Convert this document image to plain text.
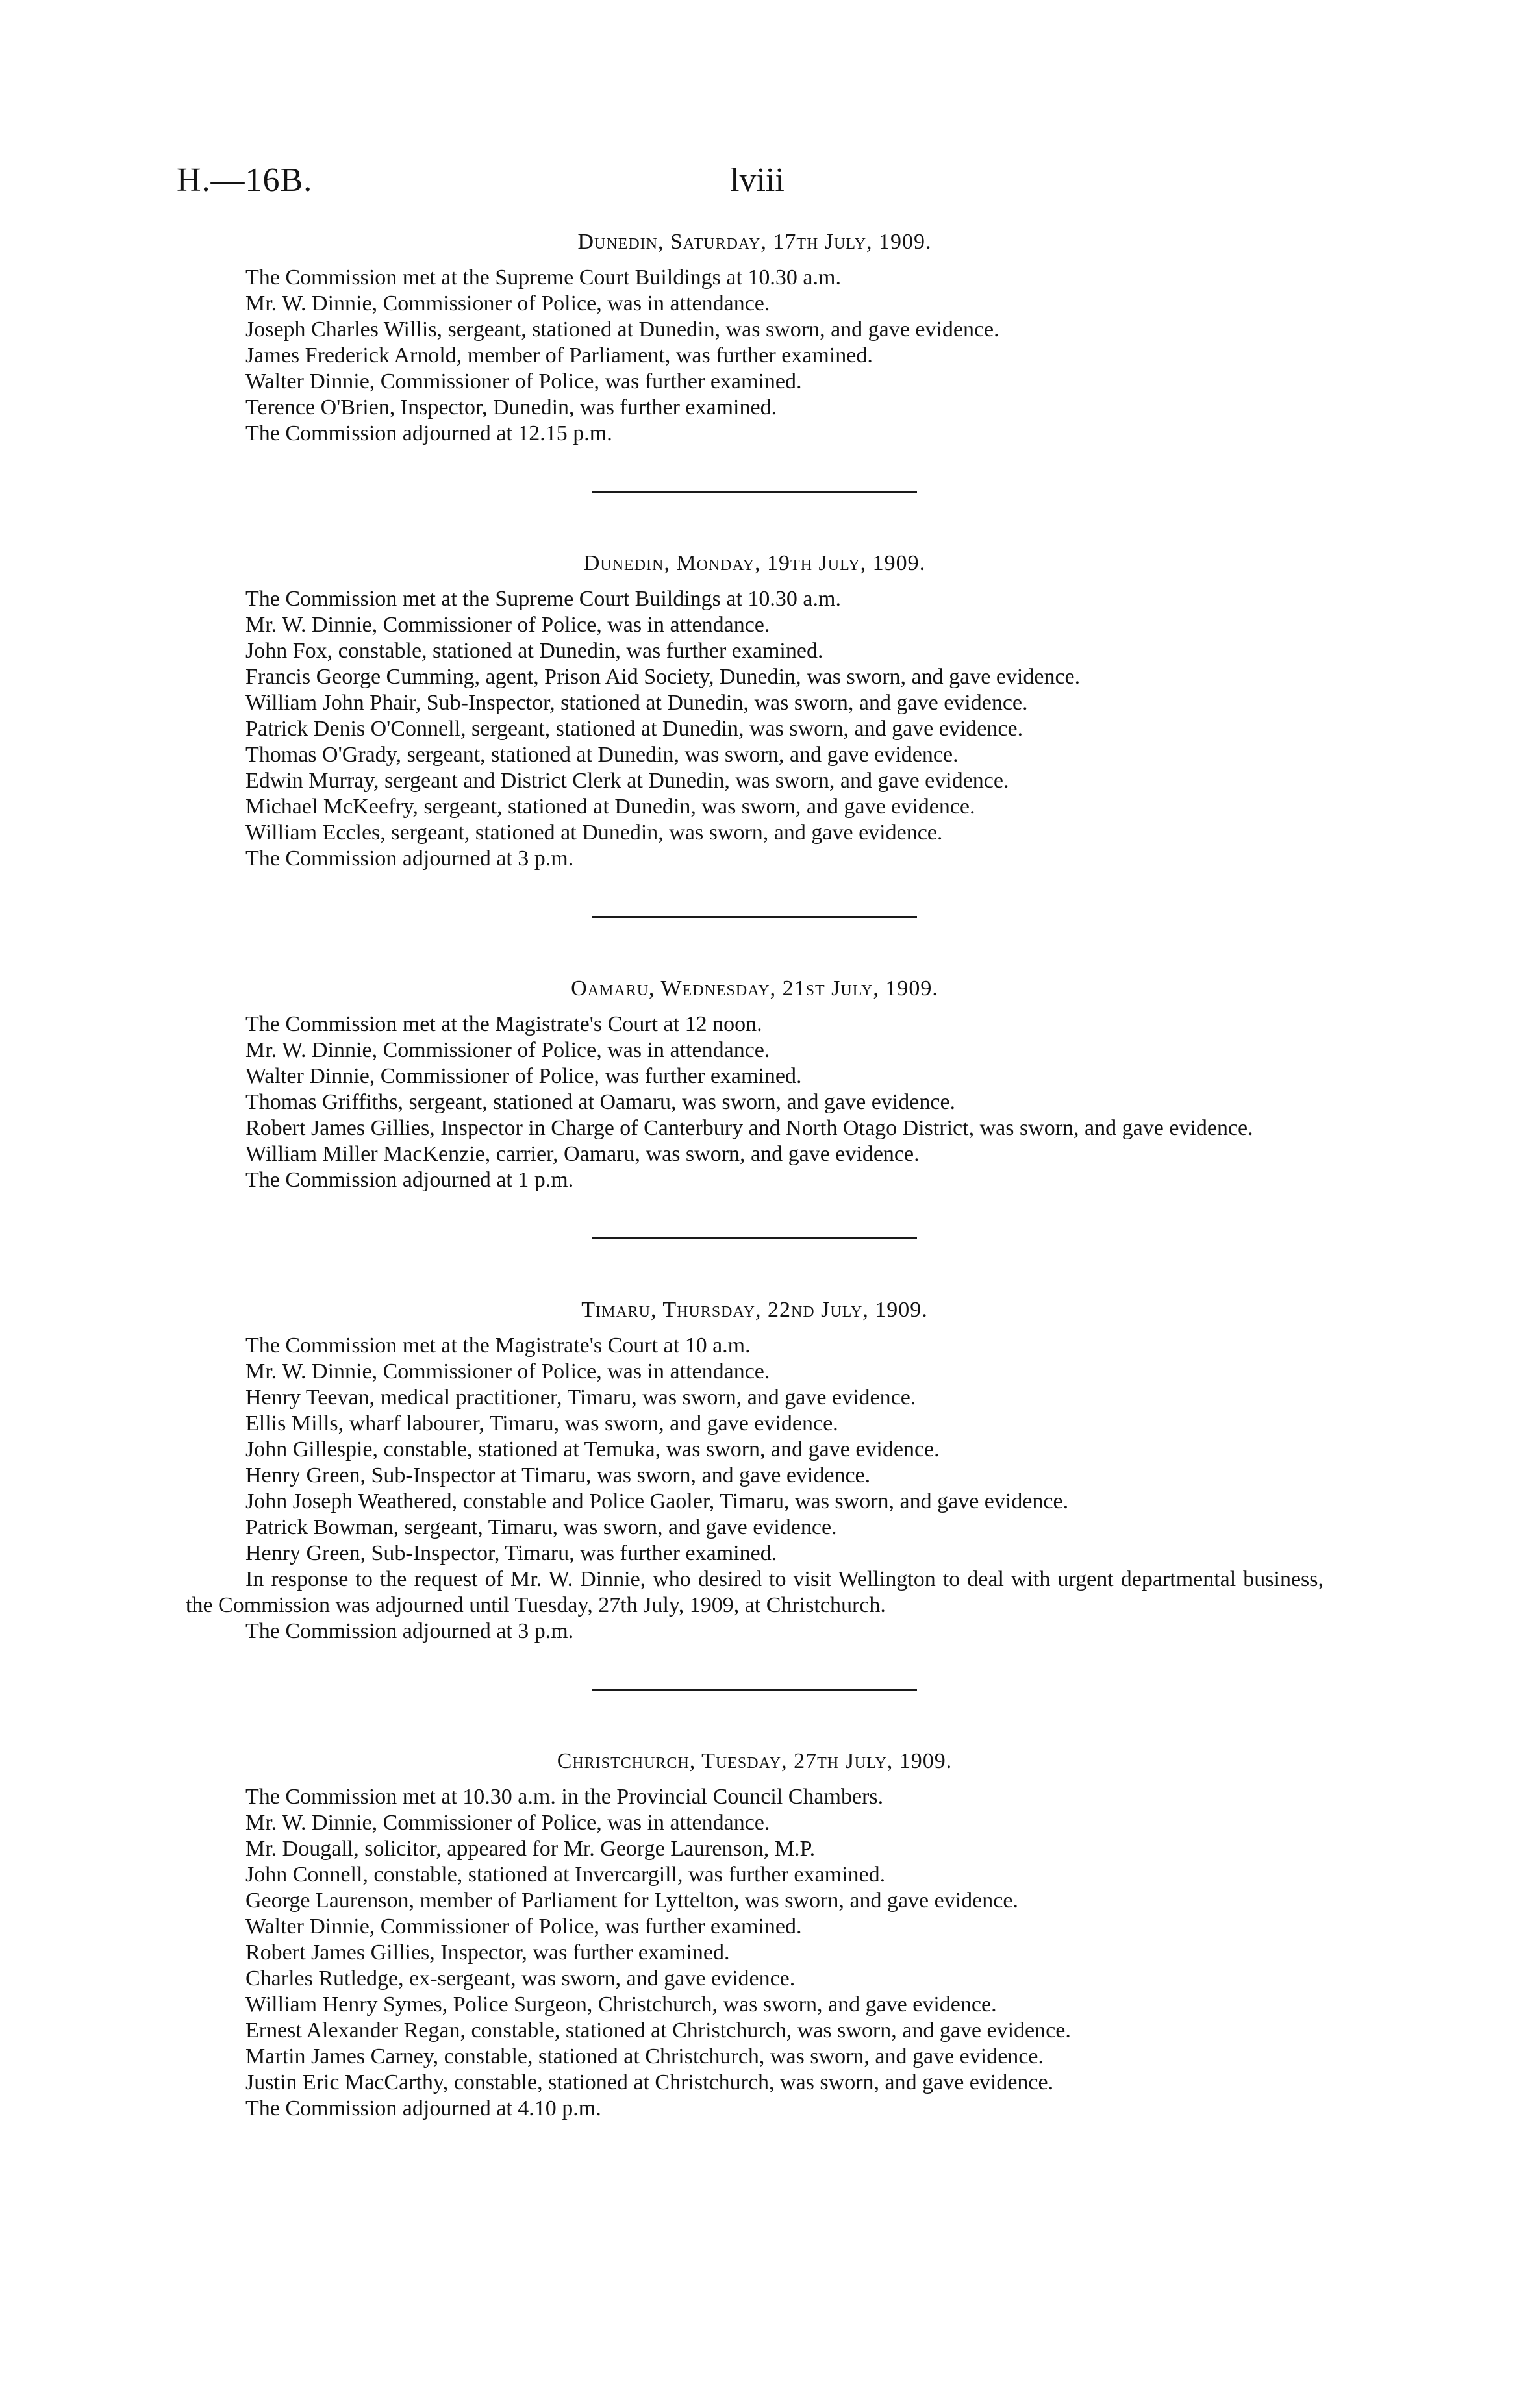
H.—16B.	lviii
Dunedin, Saturday, 17th July, 1909.

The Commission met at the Supreme Court Buildings at 10.30 a.m.

Mr. W. Dinnie, Commissioner of Police, was in attendance.

Joseph Charles Willis, sergeant, stationed at Dunedin, was sworn, and gave evidence.

James Frederick Arnold, member of Parliament, was further examined.

Walter Dinnie, Commissioner of Police, was further examined.

Terence O'Brien, Inspector, Dunedin, was further examined.

The Commission adjourned at 12.15 p.m.

Dunedin, Monday, 19th July, 1909.

The Commission met at the Supreme Court Buildings at 10.30 a.m.

Mr. W. Dinnie, Commissioner of Police, was in attendance.

John Fox, constable, stationed at Dunedin, was further examined.

Francis George Cumming, agent, Prison Aid Society, Dunedin, was sworn, and gave evidence.

William John Phair, Sub-Inspector, stationed at Dunedin, was sworn, and gave evidence.

Patrick Denis O'Connell, sergeant, stationed at Dunedin, was sworn, and gave evidence.

Thomas O'Grady, sergeant, stationed at Dunedin, was sworn, and gave evidence.

Edwin Murray, sergeant and District Clerk at Dunedin, was sworn, and gave evidence.

Michael McKeefry, sergeant, stationed at Dunedin, was sworn, and gave evidence.

William Eccles, sergeant, stationed at Dunedin, was sworn, and gave evidence.

The Commission adjourned at 3 p.m.

Oamaru, Wednesday, 21st July, 1909.

The Commission met at the Magistrate's Court at 12 noon.

Mr. W. Dinnie, Commissioner of Police, was in attendance.

Walter Dinnie, Commissioner of Police, was further examined.

Thomas Griffiths, sergeant, stationed at Oamaru, was sworn, and gave evidence.

Robert James Gillies, Inspector in Charge of Canterbury and North Otago District, was sworn, and gave evidence.

William Miller MacKenzie, carrier, Oamaru, was sworn, and gave evidence.

The Commission adjourned at 1 p.m.

Timaru, Thursday, 22nd July, 1909.

The Commission met at the Magistrate's Court at 10 a.m.

Mr. W. Dinnie, Commissioner of Police, was in attendance.

Henry Teevan, medical practitioner, Timaru, was sworn, and gave evidence.

Ellis Mills, wharf labourer, Timaru, was sworn, and gave evidence.

John Gillespie, constable, stationed at Temuka, was sworn, and gave evidence.

Henry Green, Sub-Inspector at Timaru, was sworn, and gave evidence.

John Joseph Weathered, constable and Police Gaoler, Timaru, was sworn, and gave evidence.

Patrick Bowman, sergeant, Timaru, was sworn, and gave evidence.

Henry Green, Sub-Inspector, Timaru, was further examined.

In response to the request of Mr. W. Dinnie, who desired to visit Wellington to deal with urgent departmental business, the Commission was adjourned until Tuesday, 27th July, 1909, at Christchurch.

The Commission adjourned at 3 p.m.

Christchurch, Tuesday, 27th July, 1909.

The Commission met at 10.30 a.m. in the Provincial Council Chambers.

Mr. W. Dinnie, Commissioner of Police, was in attendance.

Mr. Dougall, solicitor, appeared for Mr. George Laurenson, M.P.

John Connell, constable, stationed at Invercargill, was further examined.

George Laurenson, member of Parliament for Lyttelton, was sworn, and gave evidence.

Walter Dinnie, Commissioner of Police, was further examined.

Robert James Gillies, Inspector, was further examined.

Charles Rutledge, ex-sergeant, was sworn, and gave evidence.

William Henry Symes, Police Surgeon, Christchurch, was sworn, and gave evidence.

Ernest Alexander Regan, constable, stationed at Christchurch, was sworn, and gave evidence.

Martin James Carney, constable, stationed at Christchurch, was sworn, and gave evidence.

Justin Eric MacCarthy, constable, stationed at Christchurch, was sworn, and gave evidence.

The Commission adjourned at 4.10 p.m.
